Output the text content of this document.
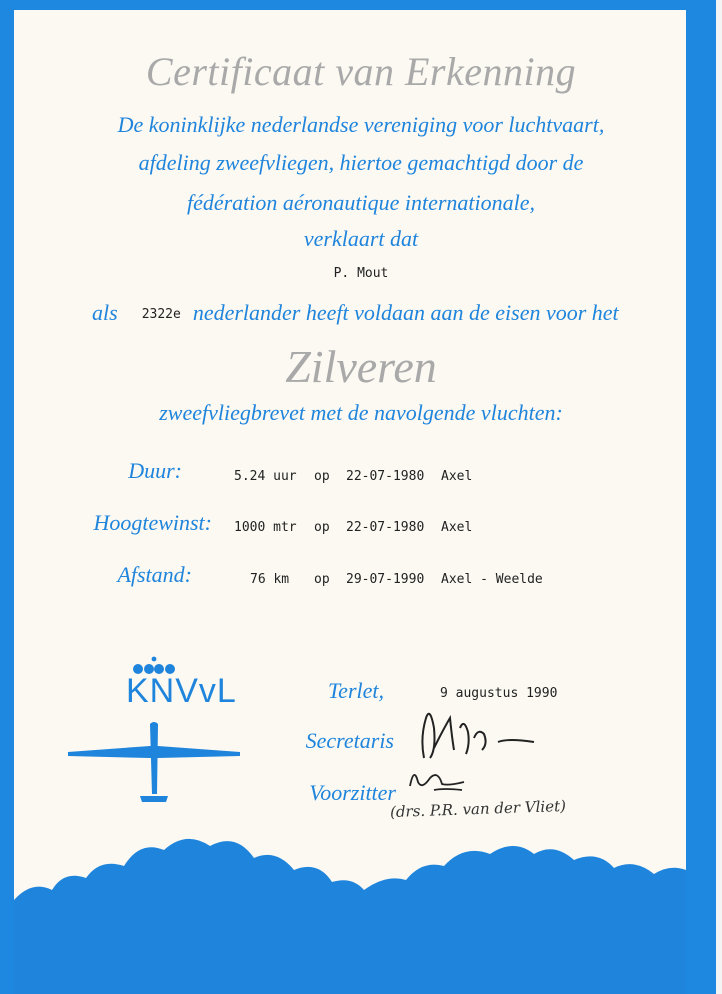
Certificaat van Erkenning
De koninklijke nederlandse vereniging voor luchtvaart,
afdeling zweefvliegen, hiertoe gemachtigd door de
fédération aéronautique internationale,
verklaart dat
P. Mout
als 2322e nederlander heeft voldaan aan de eisen voor het
Zilveren
zweefvliegbrevet met de navolgende vluchten:
Duur:	5.24 uur op 22-07-1980 Axel
Hoogtewinst: 1000 mtr op 22-07-1980 Axel
Afstand:	76 km op 29-07-1990 Axel - Weelde
KNVvL	Terlet,	9 augustus 1990
Secretaris
Voorzitter
(drs. P.R. van der Vliet)
